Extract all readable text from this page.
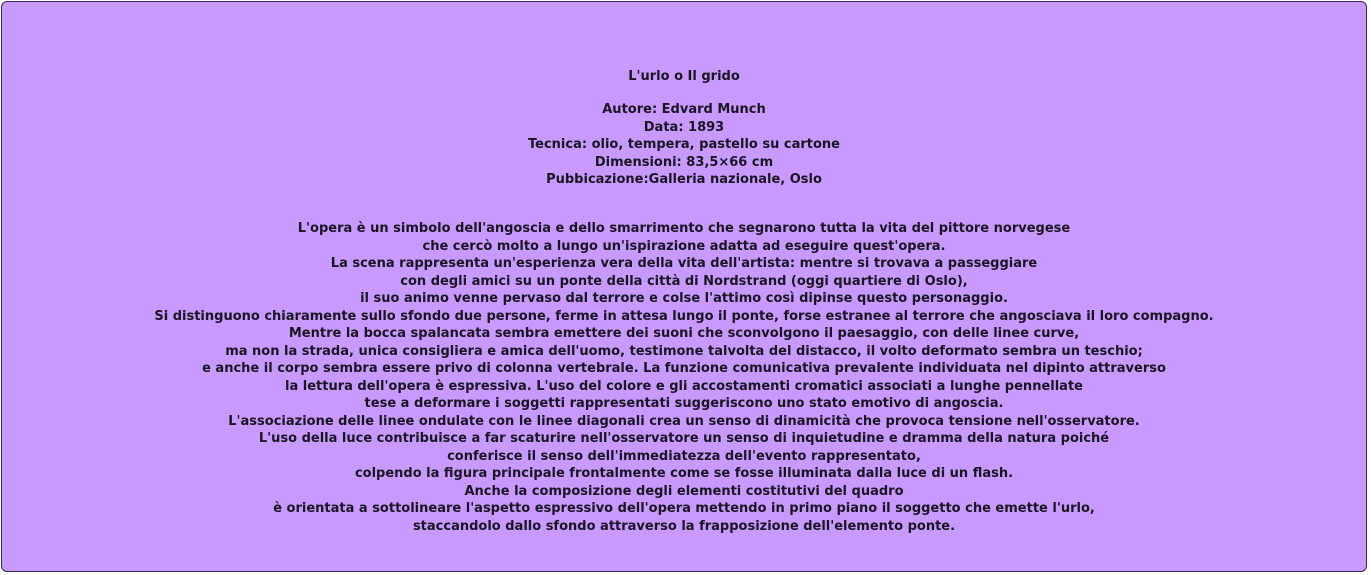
L'urlo o Il grido

Autore: Edvard Munch
Data: 1893
Tecnica: olio, tempera, pastello su cartone
Dimensioni: 83,5×66 cm
Pubbicazione:Galleria nazionale, Oslo

L'opera è un simbolo dell'angoscia e dello smarrimento che segnarono tutta la vita del pittore norvegese
che cercò molto a lungo un'ispirazione adatta ad eseguire quest'opera.
La scena rappresenta un'esperienza vera della vita dell'artista: mentre si trovava a passeggiare
con degli amici su un ponte della città di Nordstrand (oggi quartiere di Oslo),
il suo animo venne pervaso dal terrore e colse l'attimo così dipinse questo personaggio.
Si distinguono chiaramente sullo sfondo due persone, ferme in attesa lungo il ponte, forse estranee al terrore che angosciava il loro compagno.
Mentre la bocca spalancata sembra emettere dei suoni che sconvolgono il paesaggio, con delle linee curve,
ma non la strada, unica consigliera e amica dell'uomo, testimone talvolta del distacco, il volto deformato sembra un teschio;
e anche il corpo sembra essere privo di colonna vertebrale. La funzione comunicativa prevalente individuata nel dipinto attraverso
la lettura dell'opera è espressiva. L'uso del colore e gli accostamenti cromatici associati a lunghe pennellate
tese a deformare i soggetti rappresentati suggeriscono uno stato emotivo di angoscia.
L'associazione delle linee ondulate con le linee diagonali crea un senso di dinamicità che provoca tensione nell'osservatore.
L'uso della luce contribuisce a far scaturire nell'osservatore un senso di inquietudine e dramma della natura poiché
conferisce il senso dell'immediatezza dell'evento rappresentato,
colpendo la figura principale frontalmente come se fosse illuminata dalla luce di un flash.
Anche la composizione degli elementi costitutivi del quadro
è orientata a sottolineare l'aspetto espressivo dell'opera mettendo in primo piano il soggetto che emette l'urlo,
staccandolo dallo sfondo attraverso la frapposizione dell'elemento ponte.
